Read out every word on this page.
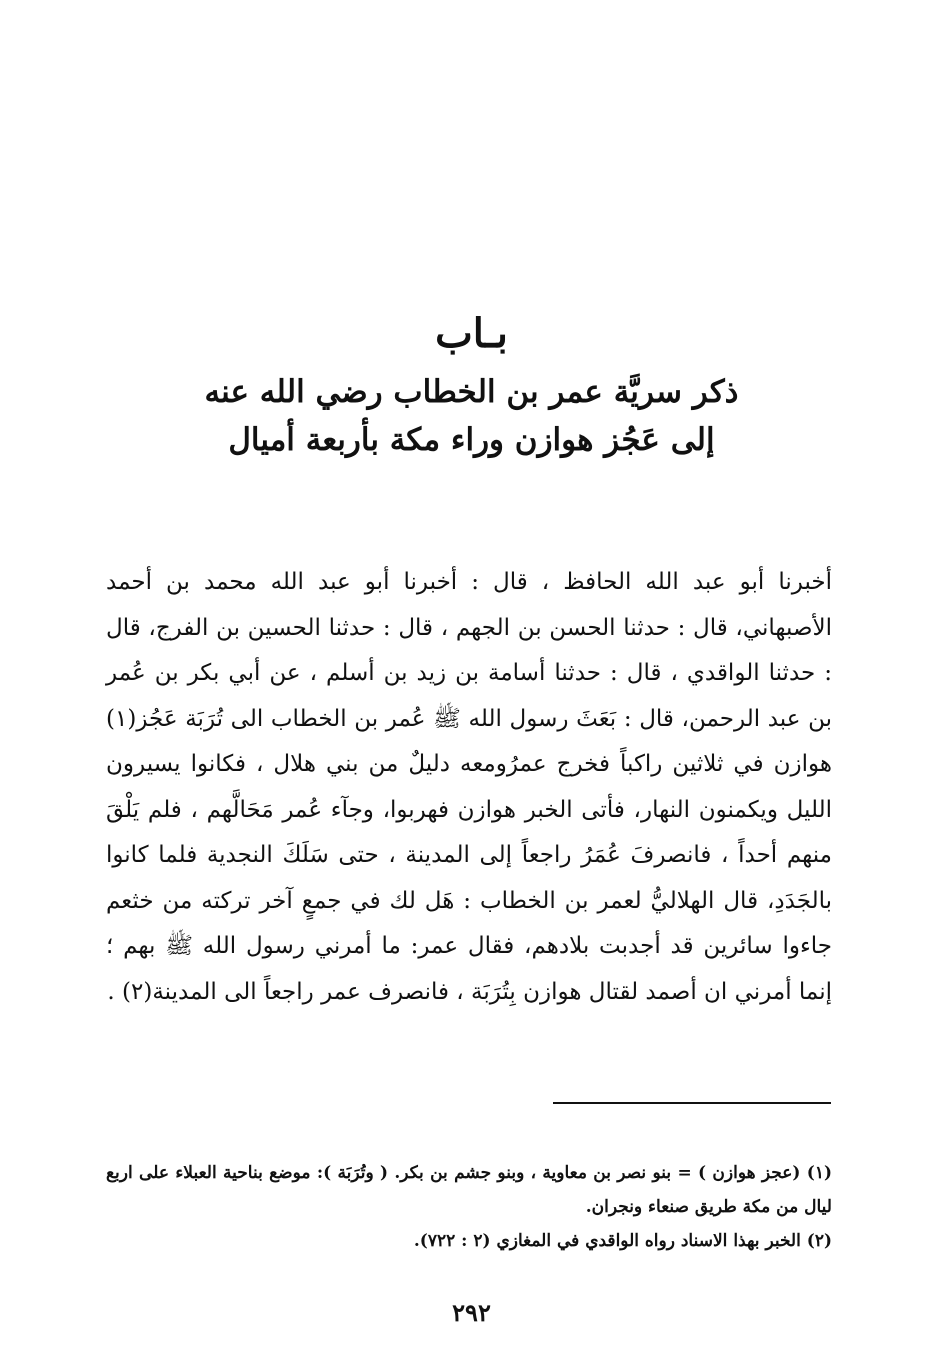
بـاب

ذكر سريَّة عمر بن الخطاب رضي الله عنه

إلى عَجُز هوازن وراء مكة بأربعة أميال

أخبرنا أبو عبد الله الحافظ ، قال : أخبرنا أبو عبد الله محمد بن أحمد الأصبهاني، قال : حدثنا الحسن بن الجهم ، قال : حدثنا الحسين بن الفرج، قال : حدثنا الواقدي ، قال : حدثنا أسامة بن زيد بن أسلم ، عن أبي بكر بن عُمر بن عبد الرحمن، قال : بَعَثَ رسول الله ﷺ عُمر بن الخطاب الى تُرَبَة عَجُز(١) هوازن في ثلاثين راكباً فخرج عمرُومعه دليلٌ من بني هلال ، فكانوا يسيرون الليل ويكمنون النهار، فأتى الخبر هوازن فهربوا، وجآء عُمر مَحَالَّهم ، فلم يَلْقَ منهم أحداً ، فانصرفَ عُمَرُ راجعاً إلى المدينة ، حتى سَلَكَ النجدية فلما كانوا بالجَدَدِ، قال الهلاليُّ لعمر بن الخطاب : هَل لك في جمعٍ آخر تركته من خثعم جاءوا سائرين قد أجدبت بلادهم، فقال عمر: ما أمرني رسول الله ﷺ بهم ؛ إنما أمرني ان أصمد لقتال هوازن بِتُرَبَة ، فانصرف عمر راجعاً الى المدينة(٢) .

(١) (عجز هوازن ) = بنو نصر بن معاوية ، وبنو جشم بن بكر. ( وتُرَبَة ): موضع بناحية العبلاء على اربع ليال من مكة طريق صنعاء ونجران.

(٢) الخبر بهذا الاسناد رواه الواقدي في المغازي (٢ : ٧٢٢).

٢٩٢
